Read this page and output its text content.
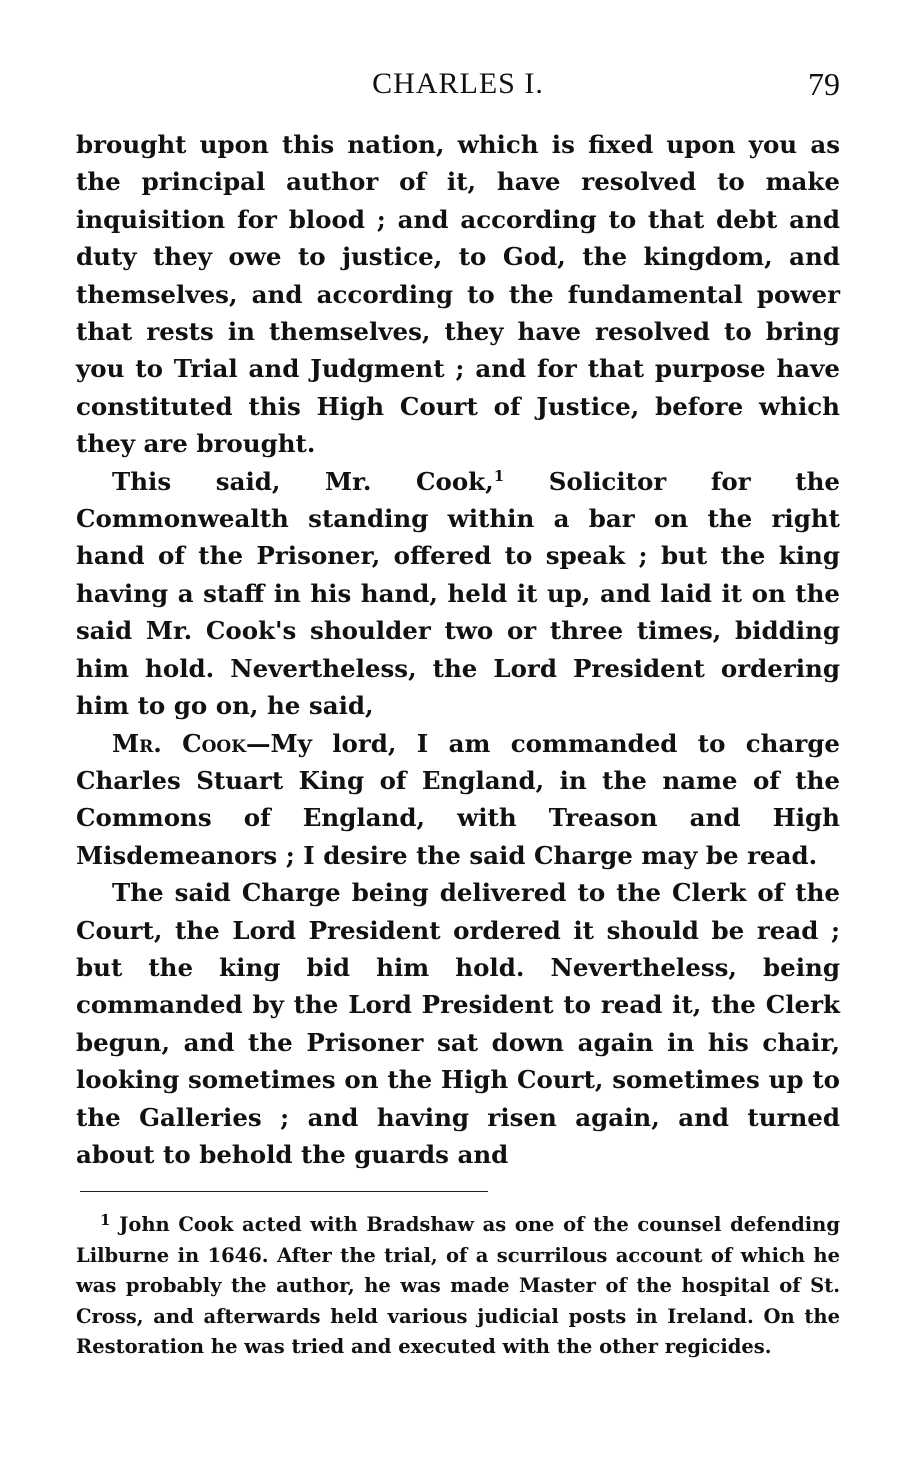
CHARLES I.	79

brought upon this nation, which is fixed upon you as the principal author of it, have resolved to make inquisition for blood ; and according to that debt and duty they owe to justice, to God, the kingdom, and themselves, and according to the fundamental power that rests in themselves, they have resolved to bring you to Trial and Judgment ; and for that purpose have constituted this High Court of Justice, before which they are brought.

This said, Mr. Cook,$^1$ Solicitor for the Commonwealth standing within a bar on the right hand of the Prisoner, offered to speak ; but the king having a staff in his hand, held it up, and laid it on the said Mr. Cook's shoulder two or three times, bidding him hold. Nevertheless, the Lord President ordering him to go on, he said,

Mr. Cook—My lord, I am commanded to charge Charles Stuart King of England, in the name of the Commons of England, with Treason and High Misdemeanors ; I desire the said Charge may be read.

The said Charge being delivered to the Clerk of the Court, the Lord President ordered it should be read ; but the king bid him hold. Nevertheless, being commanded by the Lord President to read it, the Clerk begun, and the Prisoner sat down again in his chair, looking sometimes on the High Court, sometimes up to the Galleries ; and having risen again, and turned about to behold the guards and

$^1$ John Cook acted with Bradshaw as one of the counsel defending Lilburne in 1646. After the trial, of a scurrilous account of which he was probably the author, he was made Master of the hospital of St. Cross, and afterwards held various judicial posts in Ireland. On the Restoration he was tried and executed with the other regicides.
